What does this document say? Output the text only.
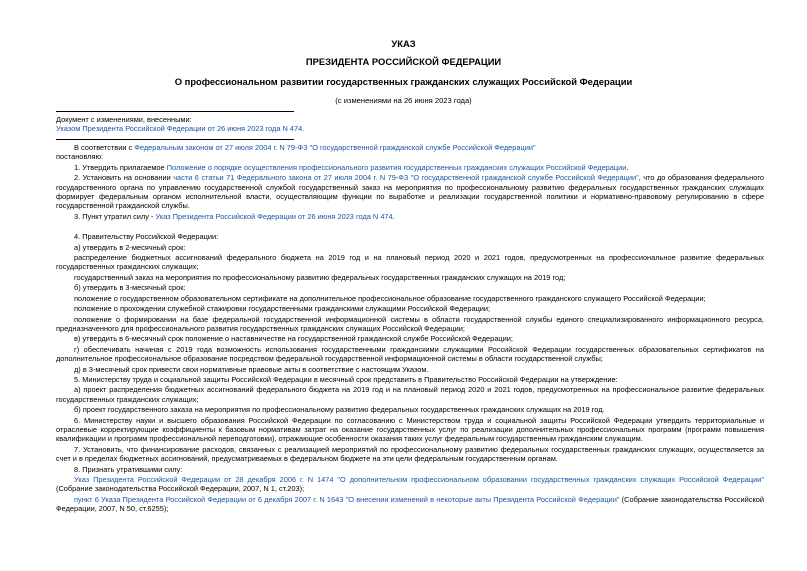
УКАЗ
ПРЕЗИДЕНТА РОССИЙСКОЙ ФЕДЕРАЦИИ
О профессиональном развитии государственных гражданских служащих Российской Федерации
(с изменениями на 26 июня 2023 года)

Документ с изменениями, внесенными:

Указом Президента Российской Федерации от 26 июня 2023 года N 474.

В соответствии с Федеральным законом от 27 июля 2004 г. N 79-ФЗ "О государственной гражданской службе Российской Федерации"

постановляю:

1. Утвердить прилагаемое Положение о порядке осуществления профессионального развития государственных гражданских служащих Российской Федерации.

2. Установить на основании части 6 статьи 71 Федерального закона от 27 июля 2004 г. N 79-ФЗ "О государственной гражданской службе Российской Федерации", что до образования федерального государственного органа по управлению государственной службой государственный заказ на мероприятия по профессиональному развитию федеральных государственных гражданских служащих формирует федеральным органом исполнительной власти, осуществляющим функции по выработке и реализации государственной политики и нормативно-правовому регулированию в сфере государственной гражданской службы.

3. Пункт утратил силу - Указ Президента Российской Федерации от 26 июня 2023 года N 474.

4. Правительству Российской Федерации:

а) утвердить в 2-месячный срок:

распределение бюджетных ассигнований федерального бюджета на 2019 год и на плановый период 2020 и 2021 годов, предусмотренных на профессиональное развитие федеральных государственных гражданских служащих;

государственный заказ на мероприятия по профессиональному развитию федеральных государственных гражданских служащих на 2019 год;

б) утвердить в 3-месячный срок:

положение о государственном образовательном сертификате на дополнительное профессиональное образование государственного гражданского служащего Российской Федерации;

положение о прохождении служебной стажировки государственными гражданскими служащими Российской Федерации;

положение о формировании на базе федеральной государственной информационной системы в области государственной службы единого специализированного информационного ресурса, предназначенного для профессионального развития государственных гражданских служащих Российской Федерации;

в) утвердить в 6-месячный срок положение о наставничестве на государственной гражданской службе Российской Федерации;

г) обеспечивать начиная с 2019 года возможность использования государственными гражданскими служащими Российской Федерации государственных образовательных сертификатов на дополнительное профессиональное образование посредством федеральной государственной информационной системы в области государственной службы;

д) в 3-месячный срок привести свои нормативные правовые акты в соответствие с настоящим Указом.

5. Министерству труда и социальной защиты Российской Федерации в месячный срок представить в Правительство Российской Федерации на утверждение:

а) проект распределения бюджетных ассигнований федерального бюджета на 2019 год и на плановый период 2020 и 2021 годов, предусмотренных на профессиональное развитие федеральных государственных гражданских служащих;

б) проект государственного заказа на мероприятия по профессиональному развитию федеральных государственных гражданских служащих на 2019 год.

6. Министерству науки и высшего образования Российской Федерации по согласованию с Министерством труда и социальной защиты Российской Федерации утвердить территориальные и отраслевые корректирующие коэффициенты к базовым нормативам затрат на оказание государственных услуг по реализации дополнительных профессиональных программ (программ повышения квалификации и программ профессиональной переподготовки), отражающие особенности оказания таких услуг федеральным государственным гражданским служащим.

7. Установить, что финансирование расходов, связанных с реализацией мероприятий по профессиональному развитию федеральных государственных гражданских служащих, осуществляется за счет и в пределах бюджетных ассигнований, предусматриваемых в федеральном бюджете на эти цели федеральным государственным органам.

8. Признать утратившими силу:

Указ Президента Российской Федерации от 28 декабря 2006 г. N 1474 "О дополнительном профессиональном образовании государственных гражданских служащих Российской Федерации" (Собрание законодательства Российской Федерации, 2007, N 1, ст.203);

пункт 6 Указа Президента Российской Федерации от 6 декабря 2007 г. N 1643 "О внесении изменений в некоторые акты Президента Российской Федерации" (Собрание законодательства Российской Федерации, 2007, N 50, ст.6255);
